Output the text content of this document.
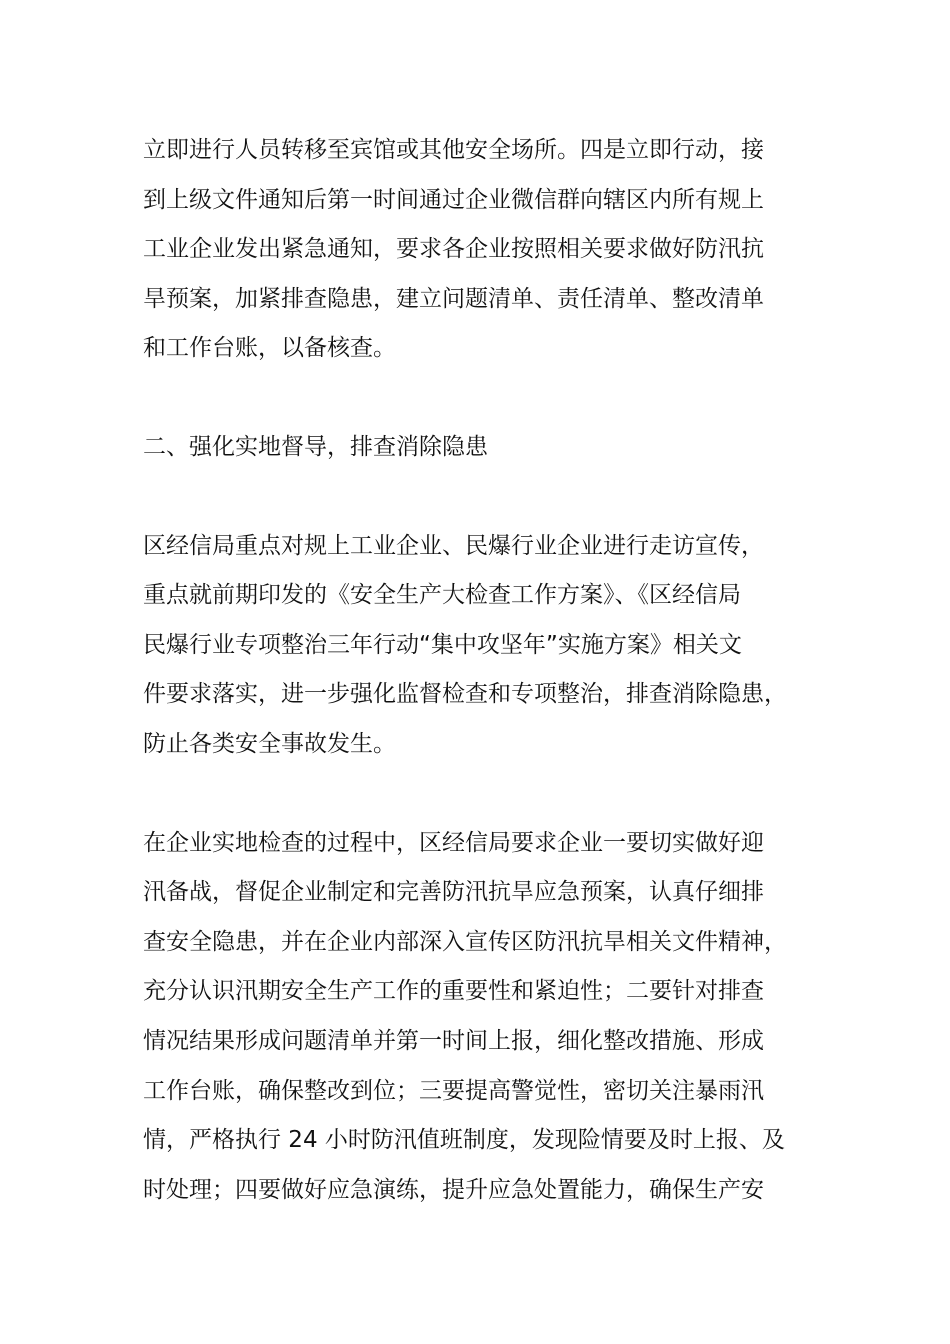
立即进行人员转移至宾馆或其他安全场所。四是立即行动，接
到上级文件通知后第一时间通过企业微信群向辖区内所有规上
工业企业发出紧急通知，要求各企业按照相关要求做好防汛抗
旱预案，加紧排查隐患，建立问题清单、责任清单、整改清单
和工作台账，以备核查。
二、强化实地督导，排查消除隐患
区经信局重点对规上工业企业、民爆行业企业进行走访宣传，
重点就前期印发的《安全生产大检查工作方案》、《区经信局
民爆行业专项整治三年行动“集中攻坚年”实施方案》相关文
件要求落实，进一步强化监督检查和专项整治，排查消除隐患，
防止各类安全事故发生。
在企业实地检查的过程中，区经信局要求企业一要切实做好迎
汛备战，督促企业制定和完善防汛抗旱应急预案，认真仔细排
查安全隐患，并在企业内部深入宣传区防汛抗旱相关文件精神，
充分认识汛期安全生产工作的重要性和紧迫性；二要针对排查
情况结果形成问题清单并第一时间上报，细化整改措施、形成
工作台账，确保整改到位；三要提高警觉性，密切关注暴雨汛
情，严格执行 24 小时防汛值班制度，发现险情要及时上报、及
时处理；四要做好应急演练，提升应急处置能力，确保生产安
